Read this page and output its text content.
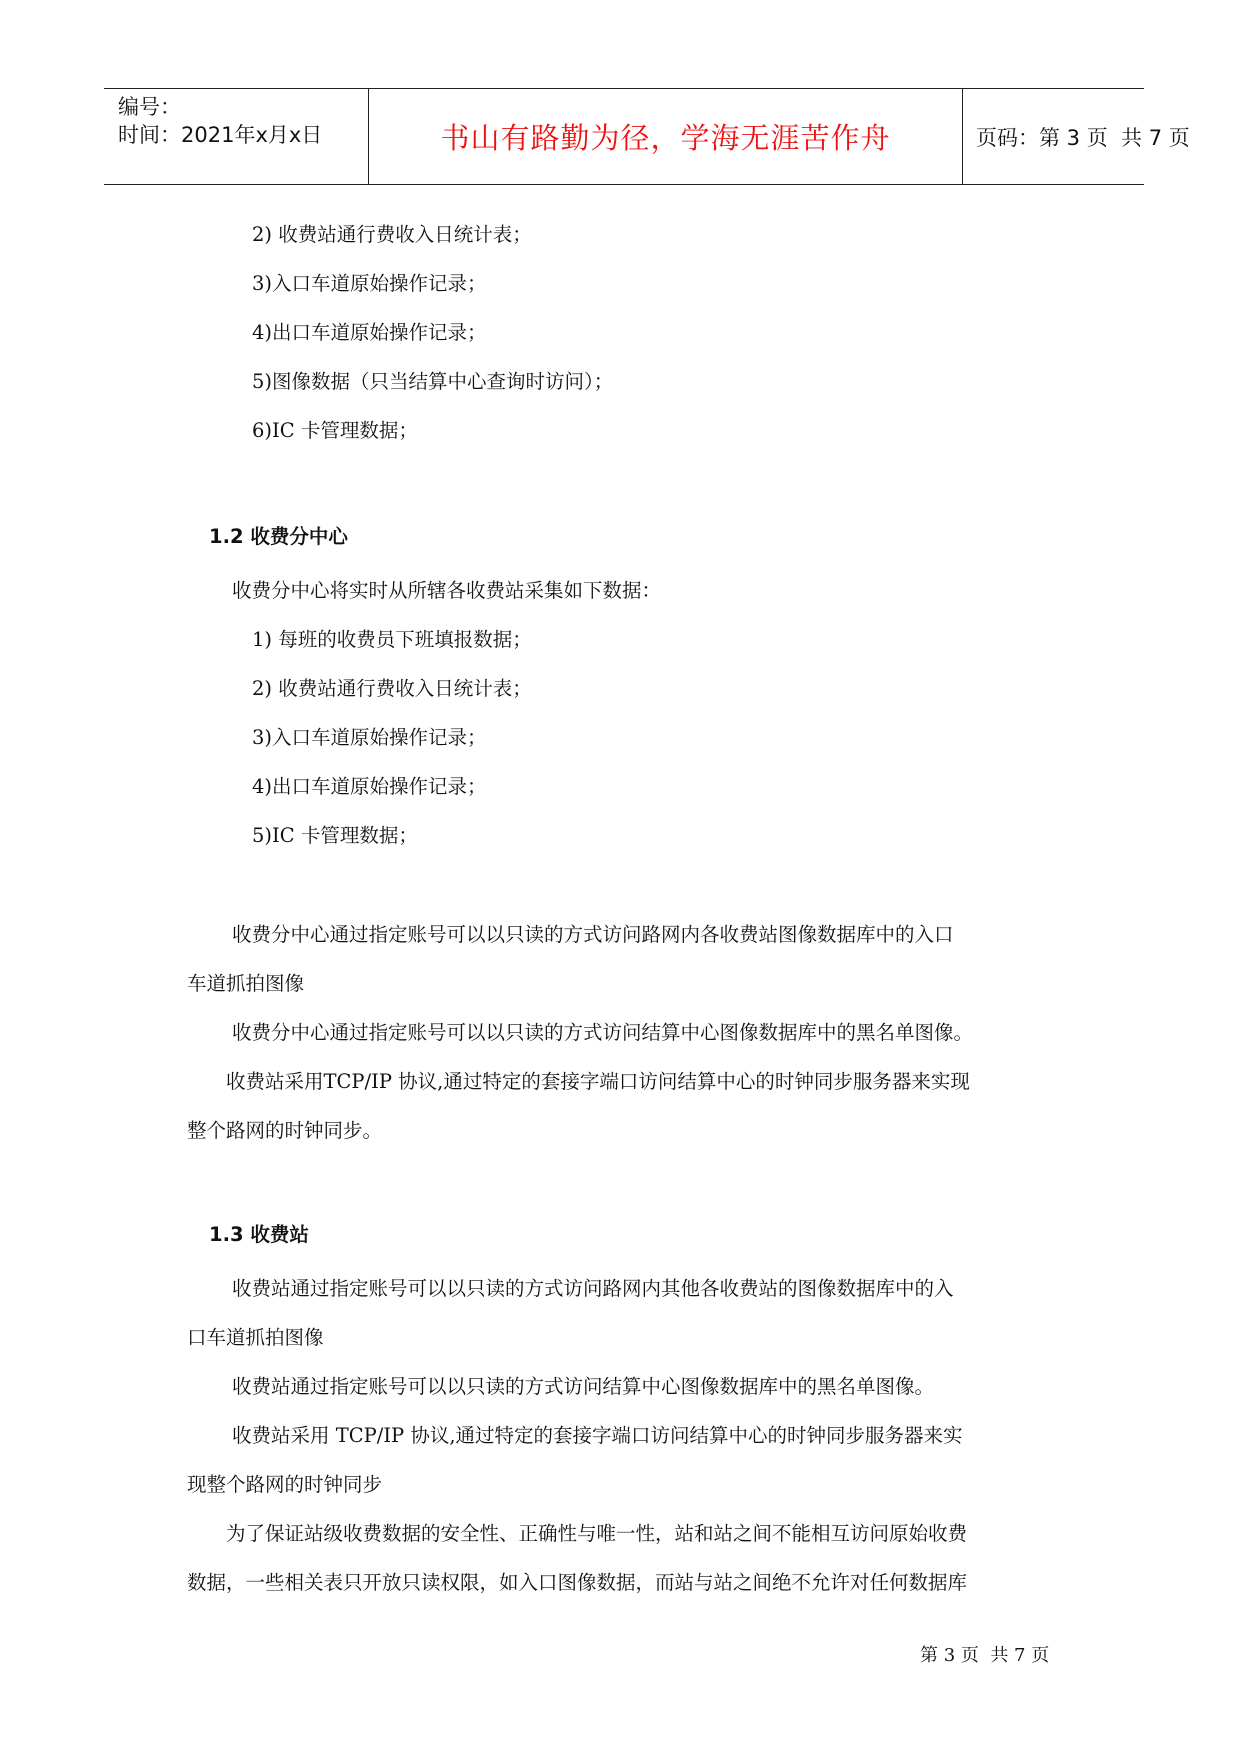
编号：
时间：2021年x月x日	书山有路勤为径，学海无涯苦作舟	页码：第 3 页  共 7 页
2) 收费站通行费收入日统计表；
3)入口车道原始操作记录；
4)出口车道原始操作记录；
5)图像数据（只当结算中心查询时访问）；
6)IC 卡管理数据；
1.2 收费分中心
收费分中心将实时从所辖各收费站采集如下数据：
1) 每班的收费员下班填报数据；
2) 收费站通行费收入日统计表；
3)入口车道原始操作记录；
4)出口车道原始操作记录；
5)IC 卡管理数据；
收费分中心通过指定账号可以以只读的方式访问路网内各收费站图像数据库中的入口
车道抓拍图像
收费分中心通过指定账号可以以只读的方式访问结算中心图像数据库中的黑名单图像。
收费站采用TCP/IP 协议,通过特定的套接字端口访问结算中心的时钟同步服务器来实现
整个路网的时钟同步。
1.3 收费站
收费站通过指定账号可以以只读的方式访问路网内其他各收费站的图像数据库中的入
口车道抓拍图像
收费站通过指定账号可以以只读的方式访问结算中心图像数据库中的黑名单图像。
收费站采用 TCP/IP 协议,通过特定的套接字端口访问结算中心的时钟同步服务器来实
现整个路网的时钟同步
为了保证站级收费数据的安全性、正确性与唯一性，站和站之间不能相互访问原始收费
数据，一些相关表只开放只读权限，如入口图像数据，而站与站之间绝不允许对任何数据库
第 3 页  共 7 页
